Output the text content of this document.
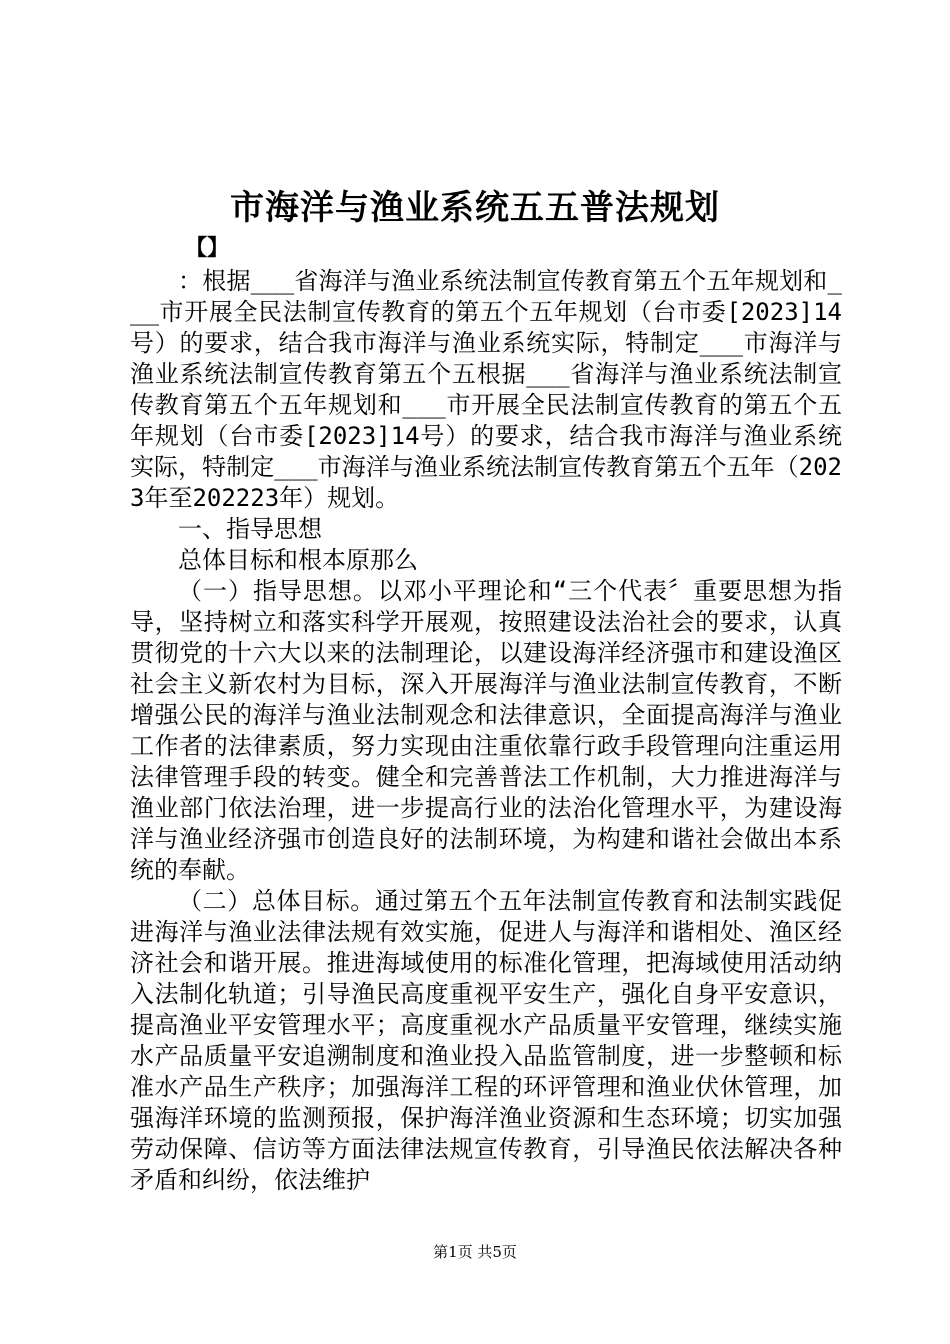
市海洋与渔业系统五五普法规划
【】

：根据___省海洋与渔业系统法制宣传教育第五个五年规划和___市开展全民法制宣传教育的第五个五年规划（台市委[2023]14号）的要求，结合我市海洋与渔业系统实际，特制定___市海洋与渔业系统法制宣传教育第五个五根据___省海洋与渔业系统法制宣传教育第五个五年规划和___市开展全民法制宣传教育的第五个五年规划（台市委[2023]14号）的要求，结合我市海洋与渔业系统实际，特制定___市海洋与渔业系统法制宣传教育第五个五年（2023年至202223年）规划。

一、指导思想

总体目标和根本原那么

（一）指导思想。以邓小平理论和“三个代表〞重要思想为指导，坚持树立和落实科学开展观，按照建设法治社会的要求，认真贯彻党的十六大以来的法制理论，以建设海洋经济强市和建设渔区社会主义新农村为目标，深入开展海洋与渔业法制宣传教育，不断增强公民的海洋与渔业法制观念和法律意识，全面提高海洋与渔业工作者的法律素质，努力实现由注重依靠行政手段管理向注重运用法律管理手段的转变。健全和完善普法工作机制，大力推进海洋与渔业部门依法治理，进一步提高行业的法治化管理水平，为建设海洋与渔业经济强市创造良好的法制环境，为构建和谐社会做出本系统的奉献。

（二）总体目标。通过第五个五年法制宣传教育和法制实践促进海洋与渔业法律法规有效实施，促进人与海洋和谐相处、渔区经济社会和谐开展。推进海域使用的标准化管理，把海域使用活动纳入法制化轨道；引导渔民高度重视平安生产，强化自身平安意识，提高渔业平安管理水平；高度重视水产品质量平安管理，继续实施水产品质量平安追溯制度和渔业投入品监管制度，进一步整顿和标准水产品生产秩序；加强海洋工程的环评管理和渔业伏休管理，加强海洋环境的监测预报，保护海洋渔业资源和生态环境；切实加强劳动保障、信访等方面法律法规宣传教育，引导渔民依法解决各种矛盾和纠纷，依法维护

第1页 共5页
